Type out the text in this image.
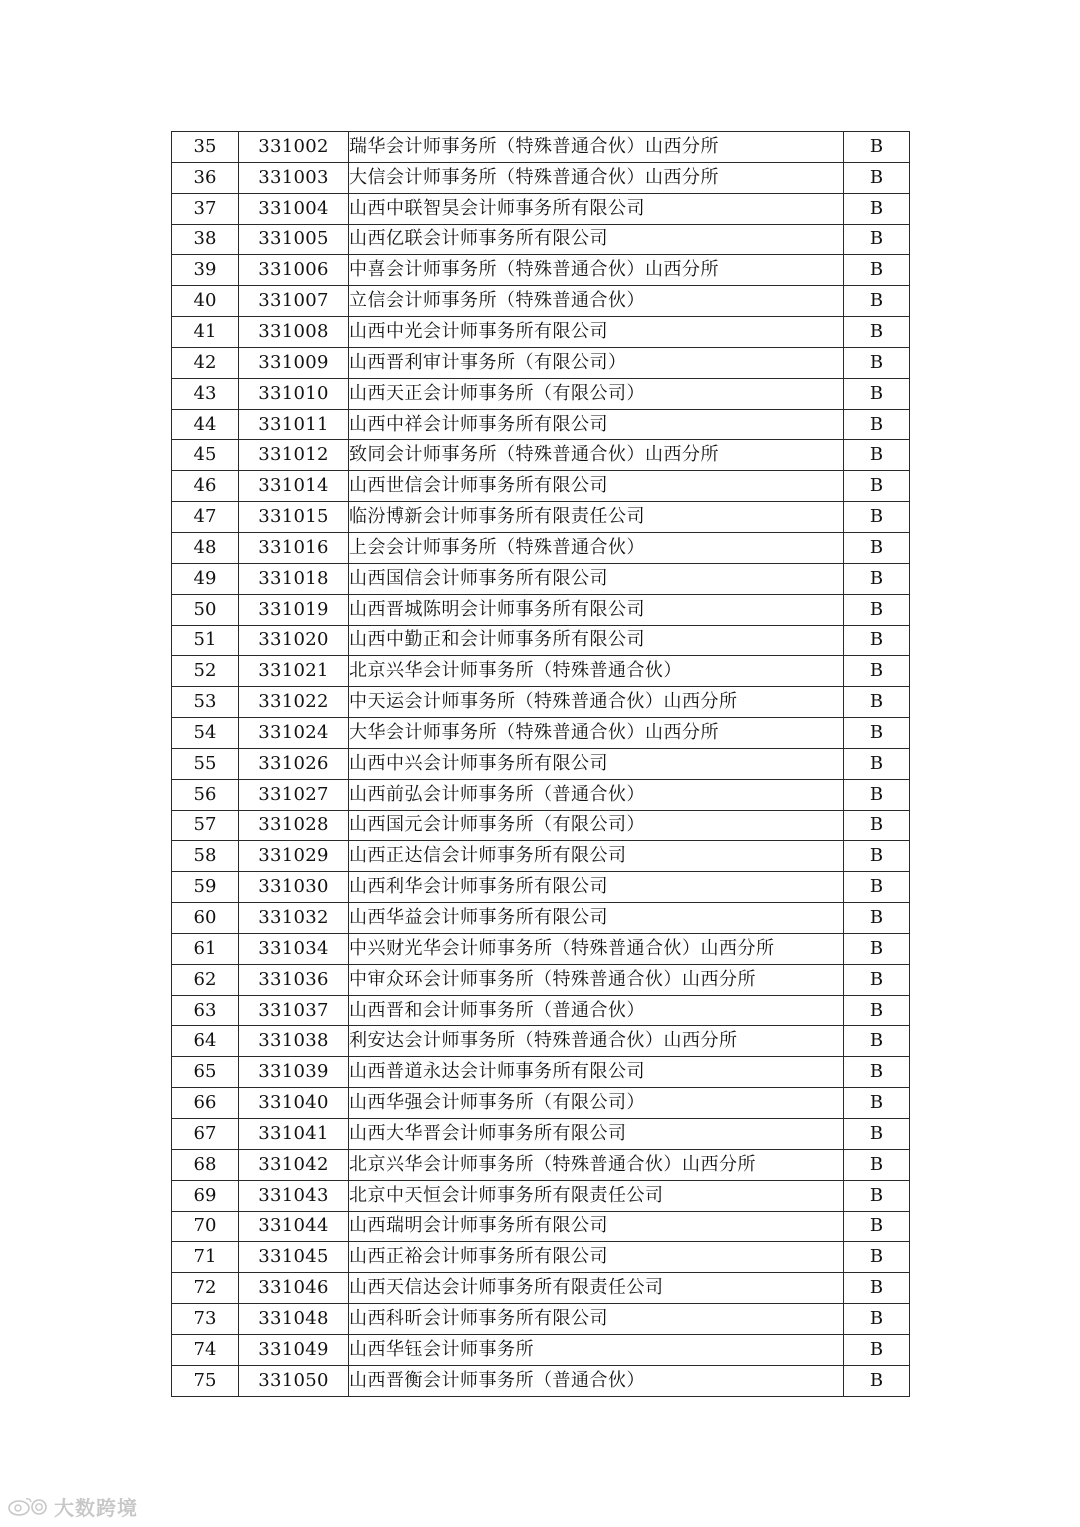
35	331002	瑞华会计师事务所（特殊普通合伙）山西分所	B
36	331003	大信会计师事务所（特殊普通合伙）山西分所	B
37	331004	山西中联智昊会计师事务所有限公司	B
38	331005	山西亿联会计师事务所有限公司	B
39	331006	中喜会计师事务所（特殊普通合伙）山西分所	B
40	331007	立信会计师事务所（特殊普通合伙）	B
41	331008	山西中光会计师事务所有限公司	B
42	331009	山西晋利审计事务所（有限公司）	B
43	331010	山西天正会计师事务所（有限公司）	B
44	331011	山西中祥会计师事务所有限公司	B
45	331012	致同会计师事务所（特殊普通合伙）山西分所	B
46	331014	山西世信会计师事务所有限公司	B
47	331015	临汾博新会计师事务所有限责任公司	B
48	331016	上会会计师事务所（特殊普通合伙）	B
49	331018	山西国信会计师事务所有限公司	B
50	331019	山西晋城陈明会计师事务所有限公司	B
51	331020	山西中勤正和会计师事务所有限公司	B
52	331021	北京兴华会计师事务所（特殊普通合伙）	B
53	331022	中天运会计师事务所（特殊普通合伙）山西分所	B
54	331024	大华会计师事务所（特殊普通合伙）山西分所	B
55	331026	山西中兴会计师事务所有限公司	B
56	331027	山西前弘会计师事务所（普通合伙）	B
57	331028	山西国元会计师事务所（有限公司）	B
58	331029	山西正达信会计师事务所有限公司	B
59	331030	山西利华会计师事务所有限公司	B
60	331032	山西华益会计师事务所有限公司	B
61	331034	中兴财光华会计师事务所（特殊普通合伙）山西分所	B
62	331036	中审众环会计师事务所（特殊普通合伙）山西分所	B
63	331037	山西晋和会计师事务所（普通合伙）	B
64	331038	利安达会计师事务所（特殊普通合伙）山西分所	B
65	331039	山西普道永达会计师事务所有限公司	B
66	331040	山西华强会计师事务所（有限公司）	B
67	331041	山西大华晋会计师事务所有限公司	B
68	331042	北京兴华会计师事务所（特殊普通合伙）山西分所	B
69	331043	北京中天恒会计师事务所有限责任公司	B
70	331044	山西瑞明会计师事务所有限公司	B
71	331045	山西正裕会计师事务所有限公司	B
72	331046	山西天信达会计师事务所有限责任公司	B
73	331048	山西科昕会计师事务所有限公司	B
74	331049	山西华钰会计师事务所	B
75	331050	山西晋衡会计师事务所（普通合伙）	B
大数跨境
